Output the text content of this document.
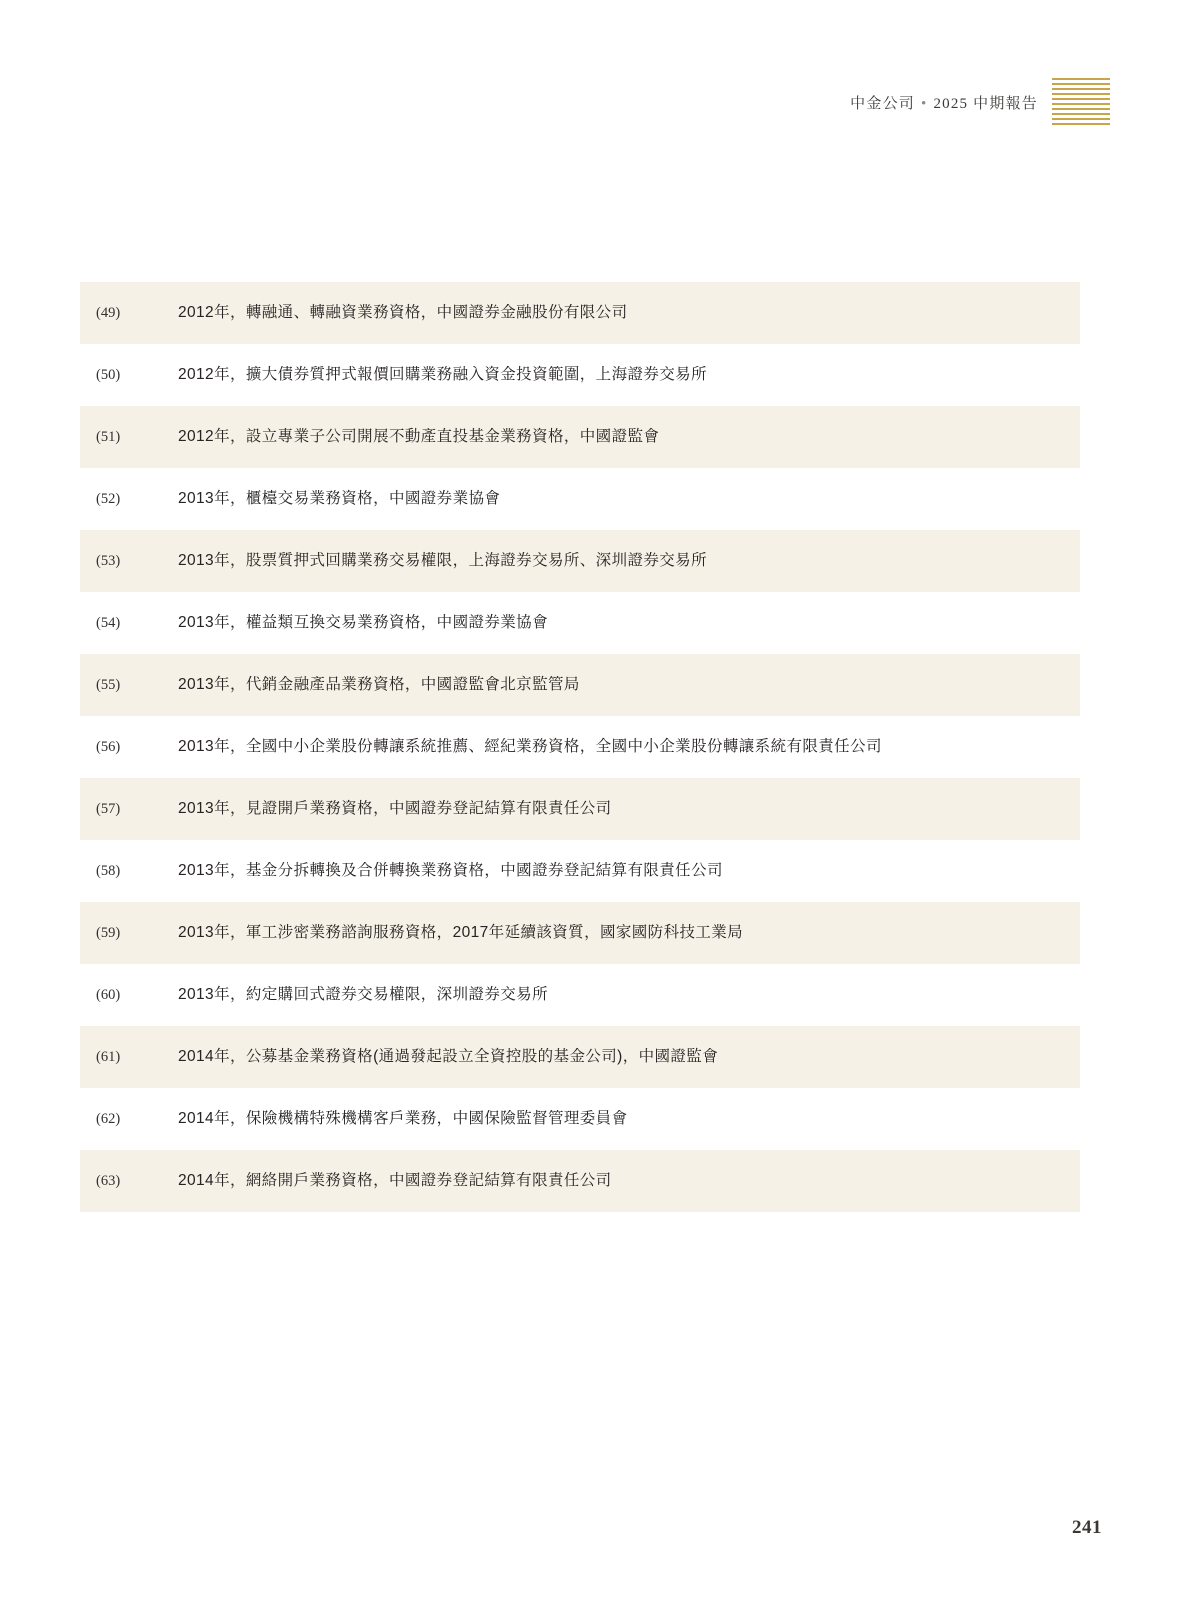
中金公司 • 2025 中期報告
(49)	2012年，轉融通、轉融資業務資格，中國證券金融股份有限公司
(50)	2012年，擴大債券質押式報價回購業務融入資金投資範圍，上海證券交易所
(51)	2012年，設立專業子公司開展不動產直投基金業務資格，中國證監會
(52)	2013年，櫃檯交易業務資格，中國證券業協會
(53)	2013年，股票質押式回購業務交易權限，上海證券交易所、深圳證券交易所
(54)	2013年，權益類互換交易業務資格，中國證券業協會
(55)	2013年，代銷金融產品業務資格，中國證監會北京監管局
(56)	2013年，全國中小企業股份轉讓系統推薦、經紀業務資格，全國中小企業股份轉讓系統有限責任公司
(57)	2013年，見證開戶業務資格，中國證券登記結算有限責任公司
(58)	2013年，基金分拆轉換及合併轉換業務資格，中國證券登記結算有限責任公司
(59)	2013年，軍工涉密業務諮詢服務資格，2017年延續該資質，國家國防科技工業局
(60)	2013年，約定購回式證券交易權限，深圳證券交易所
(61)	2014年，公募基金業務資格(通過發起設立全資控股的基金公司)，中國證監會
(62)	2014年，保險機構特殊機構客戶業務，中國保險監督管理委員會
(63)	2014年，網絡開戶業務資格，中國證券登記結算有限責任公司
241
